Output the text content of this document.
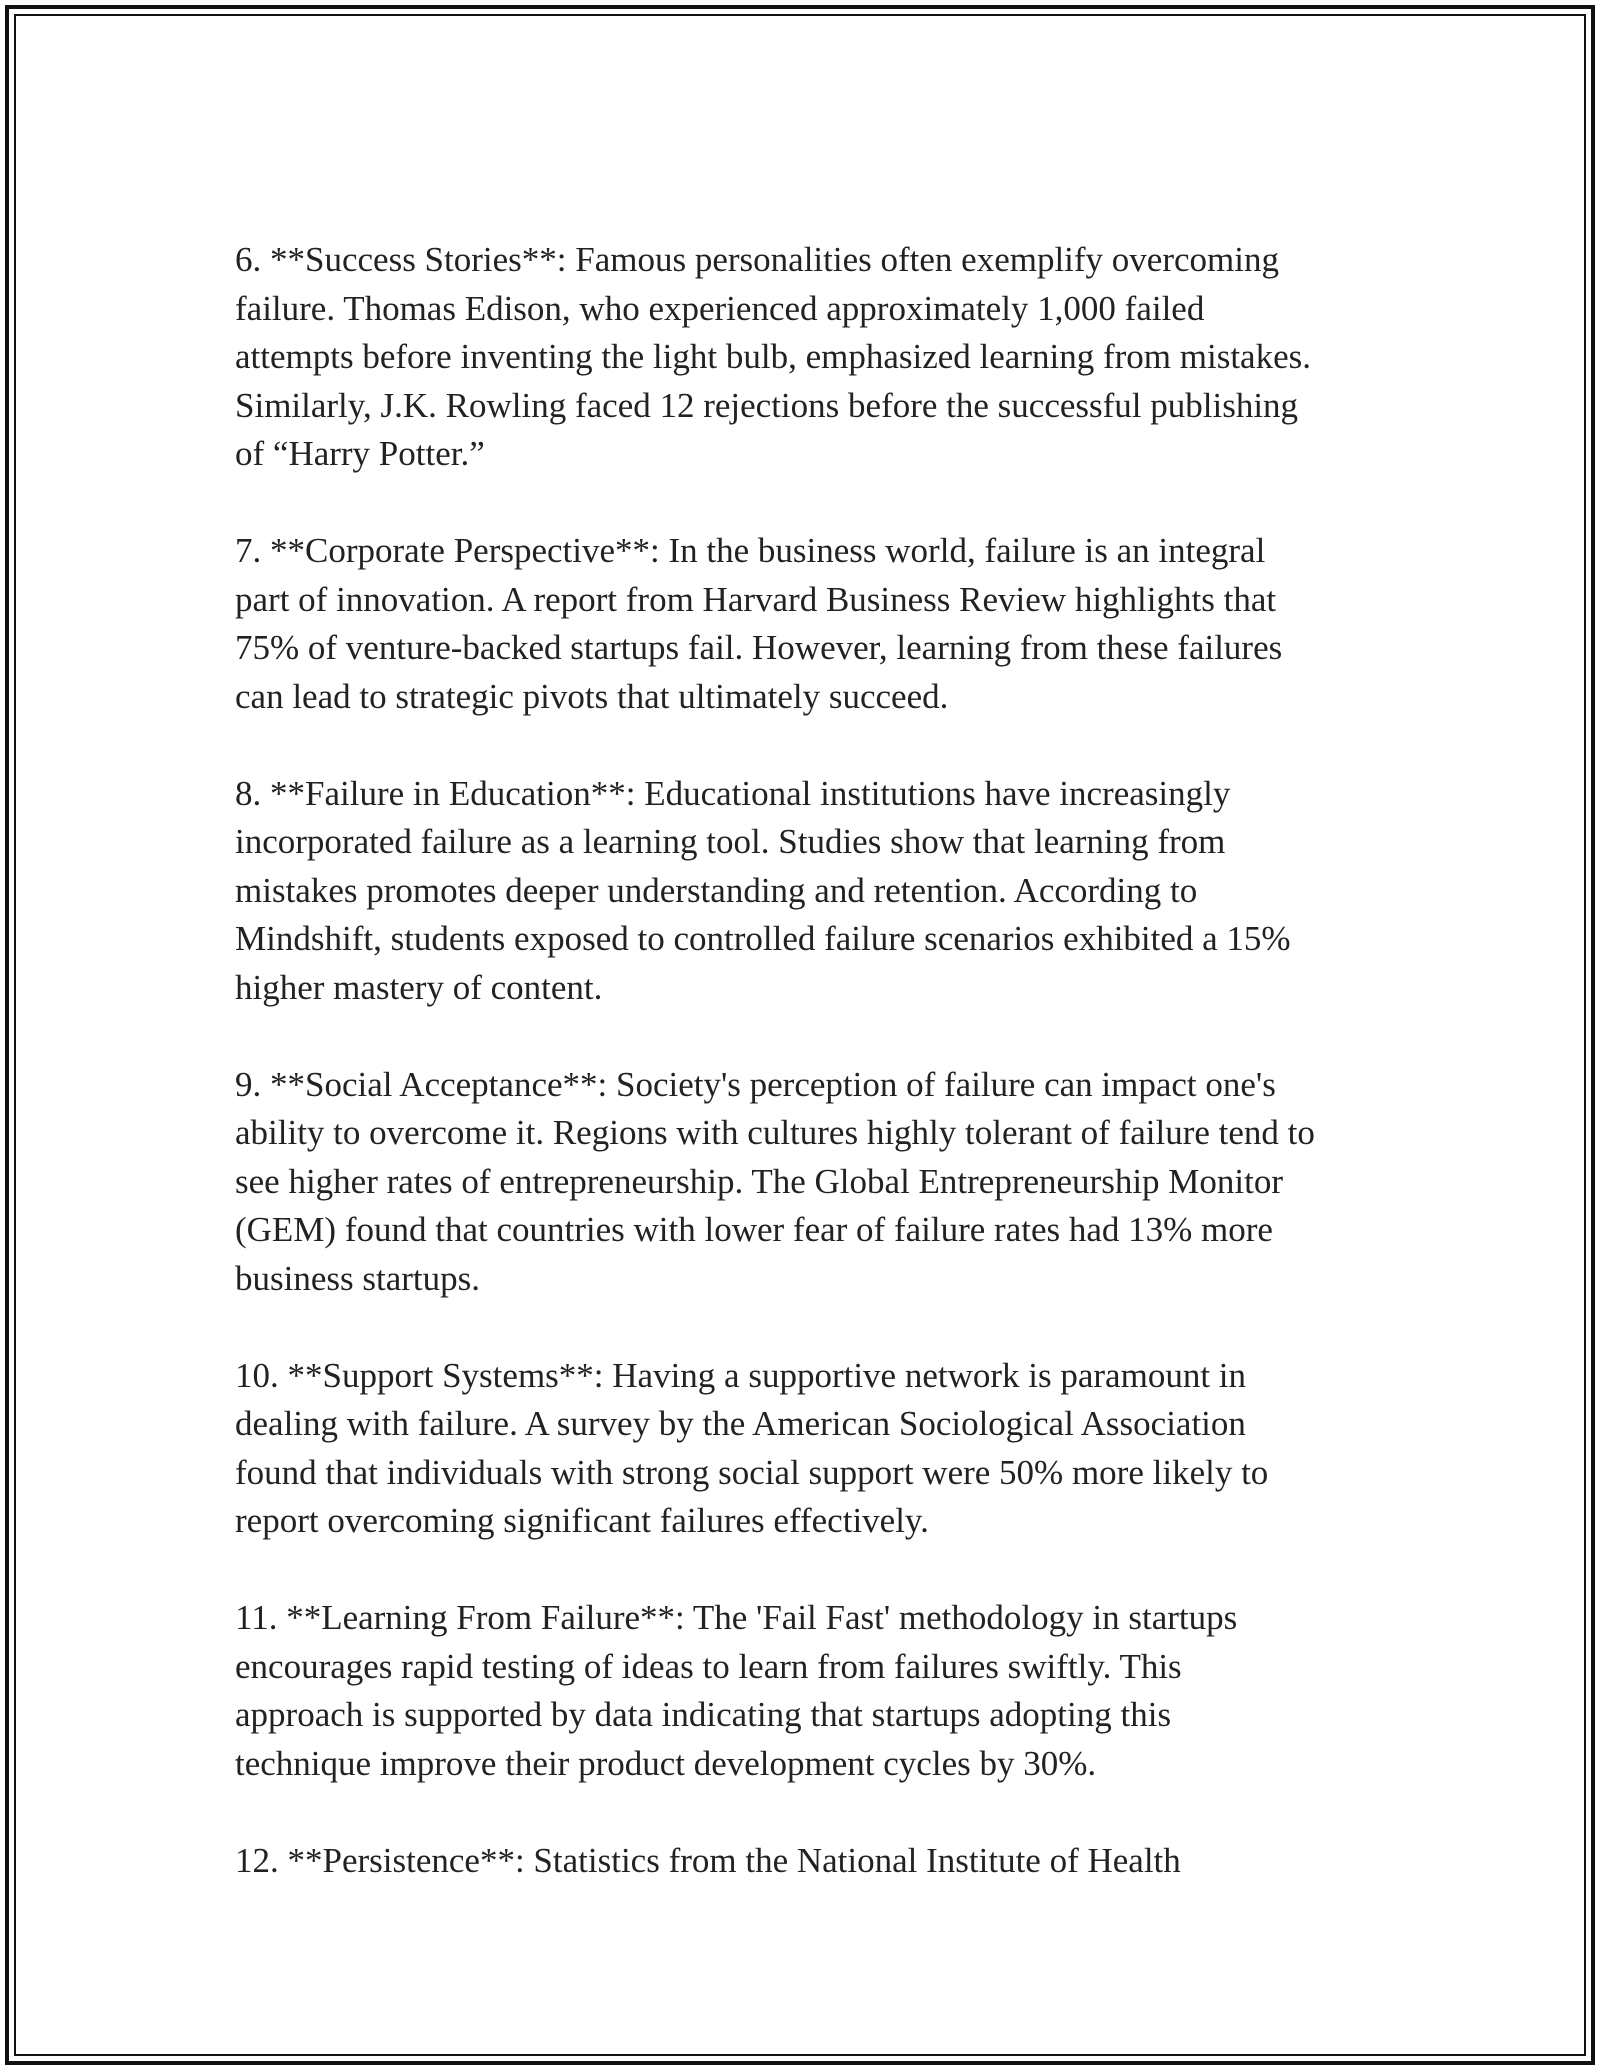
6. **Success Stories**: Famous personalities often exemplify overcoming
failure. Thomas Edison, who experienced approximately 1,000 failed
attempts before inventing the light bulb, emphasized learning from mistakes.
Similarly, J.K. Rowling faced 12 rejections before the successful publishing
of “Harry Potter.”

7. **Corporate Perspective**: In the business world, failure is an integral
part of innovation. A report from Harvard Business Review highlights that
75% of venture-backed startups fail. However, learning from these failures
can lead to strategic pivots that ultimately succeed.

8. **Failure in Education**: Educational institutions have increasingly
incorporated failure as a learning tool. Studies show that learning from
mistakes promotes deeper understanding and retention. According to
Mindshift, students exposed to controlled failure scenarios exhibited a 15%
higher mastery of content.

9. **Social Acceptance**: Society's perception of failure can impact one's
ability to overcome it. Regions with cultures highly tolerant of failure tend to
see higher rates of entrepreneurship. The Global Entrepreneurship Monitor
(GEM) found that countries with lower fear of failure rates had 13% more
business startups.

10. **Support Systems**: Having a supportive network is paramount in
dealing with failure. A survey by the American Sociological Association
found that individuals with strong social support were 50% more likely to
report overcoming significant failures effectively.

11. **Learning From Failure**: The 'Fail Fast' methodology in startups
encourages rapid testing of ideas to learn from failures swiftly. This
approach is supported by data indicating that startups adopting this
technique improve their product development cycles by 30%.

12. **Persistence**: Statistics from the National Institute of Health
